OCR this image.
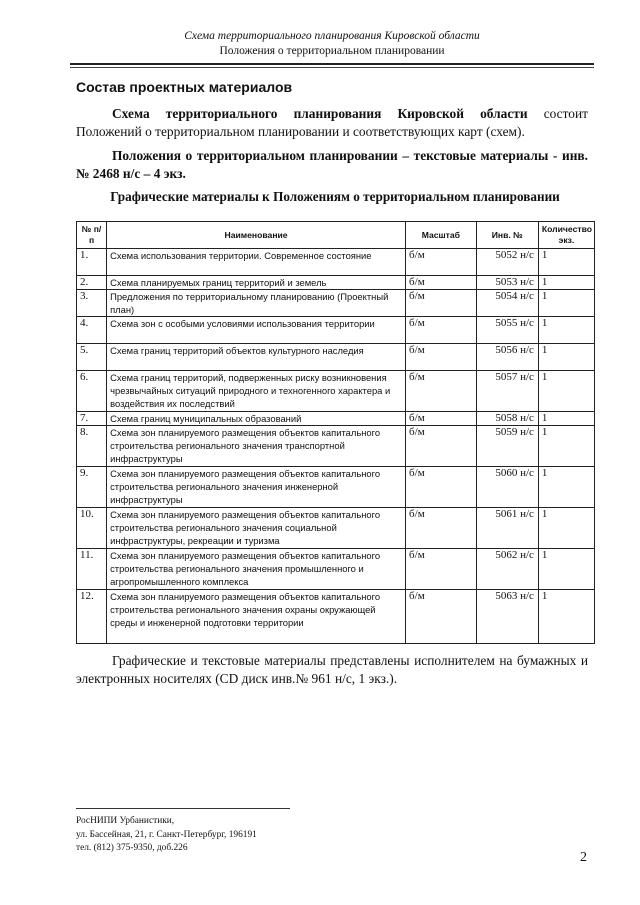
Схема территориального планирования Кировской области
Положения о территориальном планировании
Состав проектных материалов
Схема территориального планирования Кировской области состоит Положений о территориальном планировании и соответствующих карт (схем).
Положения о территориальном планировании – текстовые материалы - инв. № 2468 н/с – 4 экз.
Графические материалы к Положениям о территориальном планировании
№ п/п	Наименование	Масштаб	Инв. №	Количество экз.
1.	Схема использования территории. Современное состояние	б/м	5052 н/с	1
2.	Схема планируемых границ территорий и земель	б/м	5053 н/с	1
3.	Предложения по территориальному планированию (Проектный план)	б/м	5054 н/с	1
4.	Схема зон с особыми условиями использования территории	б/м	5055 н/с	1
5.	Схема границ территорий объектов культурного наследия	б/м	5056 н/с	1
6.	Схема границ территорий, подверженных риску возникновения чрезвычайных ситуаций природного и техногенного характера и воздействия их последствий	б/м	5057 н/с	1
7.	Схема границ муниципальных образований	б/м	5058 н/с	1
8.	Схема зон планируемого размещения объектов капитального строительства регионального значения транспортной инфраструктуры	б/м	5059 н/с	1
9.	Схема зон планируемого размещения объектов капитального строительства регионального значения инженерной инфраструктуры	б/м	5060 н/с	1
10.	Схема зон планируемого размещения объектов капитального строительства регионального значения социальной инфраструктуры, рекреации и туризма	б/м	5061 н/с	1
11.	Схема зон планируемого размещения объектов капитального строительства регионального значения промышленного и агропромышленного комплекса	б/м	5062 н/с	1
12.	Схема зон планируемого размещения объектов капитального строительства регионального значения охраны окружающей среды и инженерной подготовки территории	б/м	5063 н/с	1
Графические и текстовые материалы представлены исполнителем на бумажных и электронных носителях (CD диск инв.№ 961 н/с, 1 экз.).
РосНИПИ Урбанистики,
ул. Бассейная, 21, г. Санкт-Петербург, 196191
тел. (812) 375-9350, доб.226
2
